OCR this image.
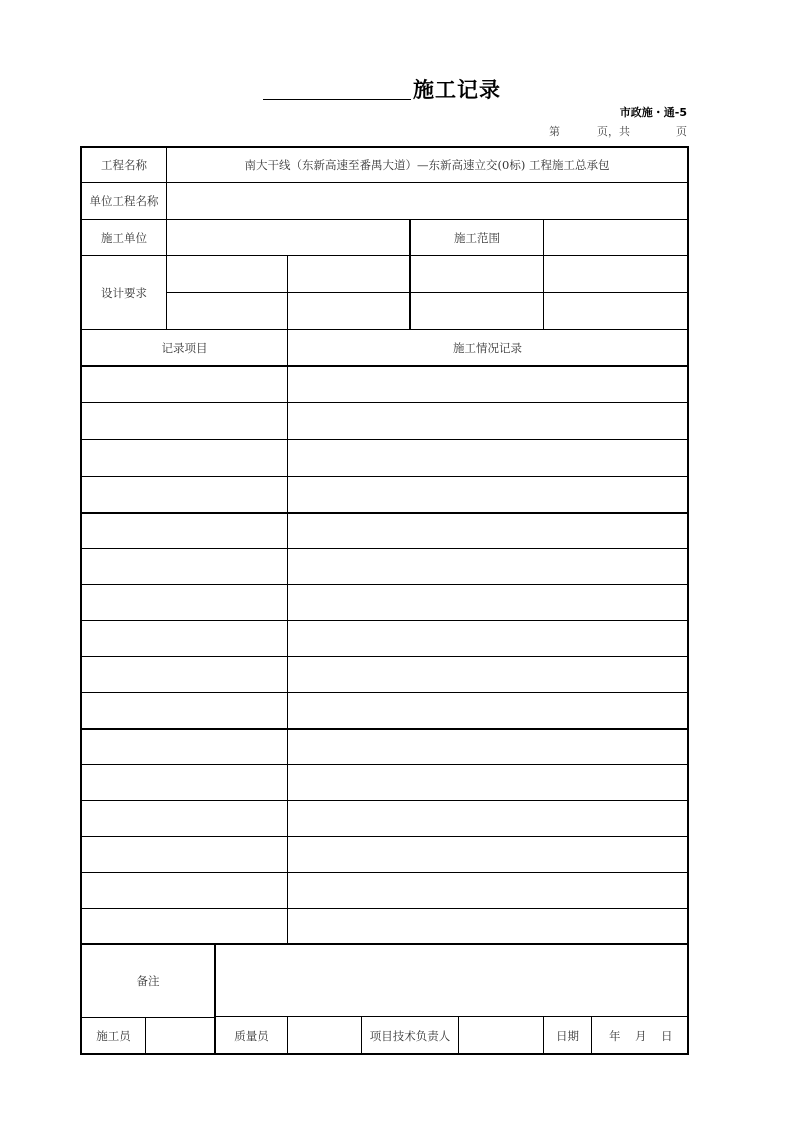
施工记录
市政施・通-5
第	页，共	页
工程名称	南大干线（东新高速至番禺大道）—东新高速立交(0标) 工程施工总承包
单位工程名称
施工单位	施工范围
设计要求
记录项目	施工情况记录
备注
施工员	质量员	项目技术负责人	日期	年 月 日
